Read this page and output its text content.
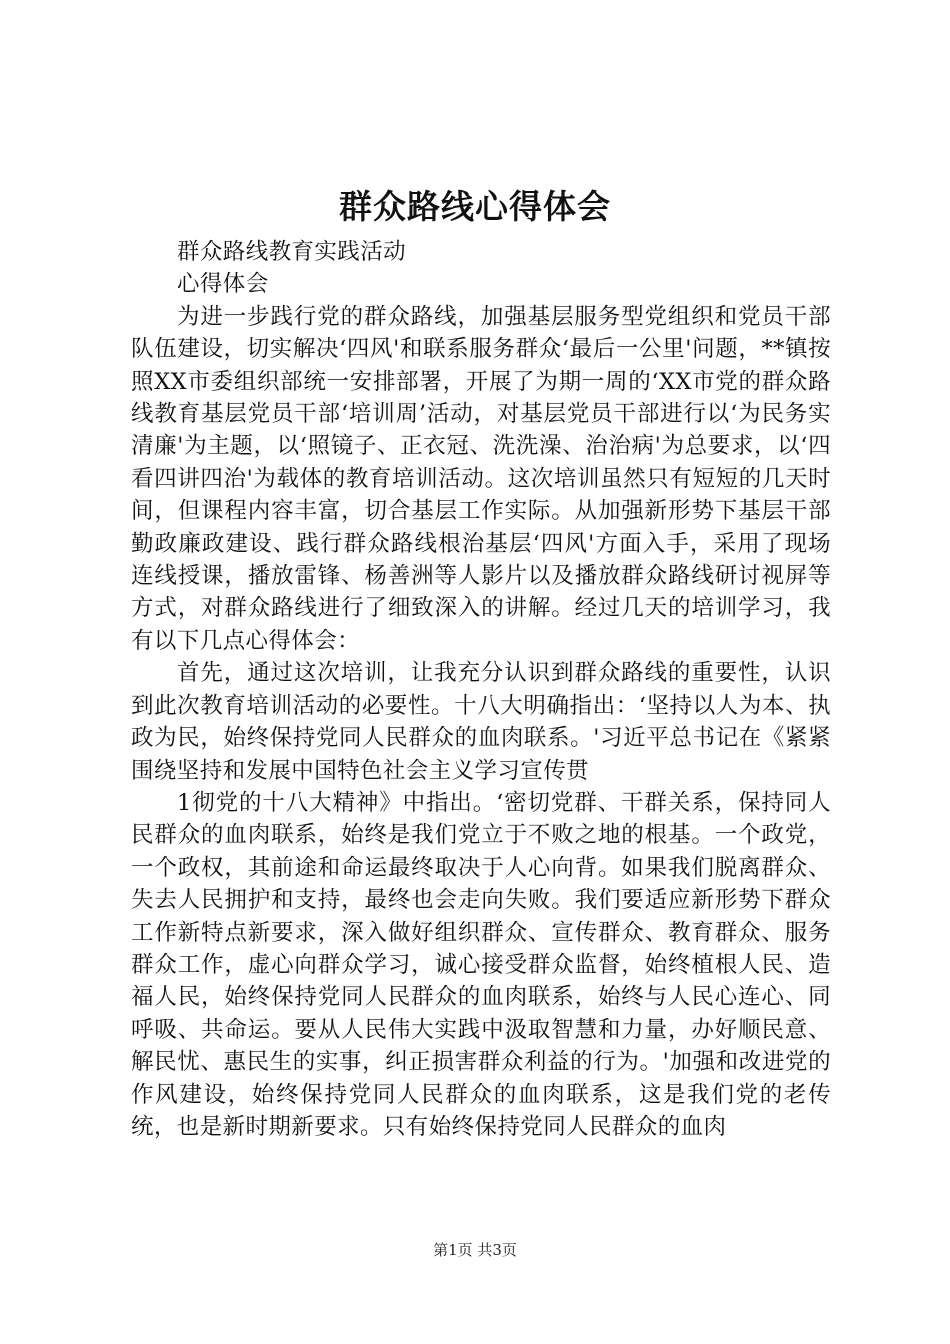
群众路线心得体会

群众路线教育实践活动

心得体会

为进一步践行党的群众路线，加强基层服务型党组织和党员干部队伍建设，切实解决‘四风'和联系服务群众‘最后一公里'问题，**镇按照XX市委组织部统一安排部署，开展了为期一周的‘XX市党的群众路线教育基层党员干部‘培训周’活动，对基层党员干部进行以‘为民务实清廉'为主题，以‘照镜子、正衣冠、洗洗澡、治治病'为总要求，以‘四看四讲四治'为载体的教育培训活动。这次培训虽然只有短短的几天时间，但课程内容丰富，切合基层工作实际。从加强新形势下基层干部勤政廉政建设、践行群众路线根治基层‘四风'方面入手，采用了现场连线授课，播放雷锋、杨善洲等人影片以及播放群众路线研讨视屏等方式，对群众路线进行了细致深入的讲解。经过几天的培训学习，我有以下几点心得体会：

首先，通过这次培训，让我充分认识到群众路线的重要性，认识到此次教育培训活动的必要性。十八大明确指出：‘坚持以人为本、执政为民，始终保持党同人民群众的血肉联系。'习近平总书记在《紧紧围绕坚持和发展中国特色社会主义学习宣传贯

1彻党的十八大精神》中指出。‘密切党群、干群关系，保持同人民群众的血肉联系，始终是我们党立于不败之地的根基。一个政党，一个政权，其前途和命运最终取决于人心向背。如果我们脱离群众、失去人民拥护和支持，最终也会走向失败。我们要适应新形势下群众工作新特点新要求，深入做好组织群众、宣传群众、教育群众、服务群众工作，虚心向群众学习，诚心接受群众监督，始终植根人民、造福人民，始终保持党同人民群众的血肉联系，始终与人民心连心、同呼吸、共命运。要从人民伟大实践中汲取智慧和力量，办好顺民意、解民忧、惠民生的实事，纠正损害群众利益的行为。'加强和改进党的作风建设，始终保持党同人民群众的血肉联系，这是我们党的老传统，也是新时期新要求。只有始终保持党同人民群众的血肉

第1页 共3页
